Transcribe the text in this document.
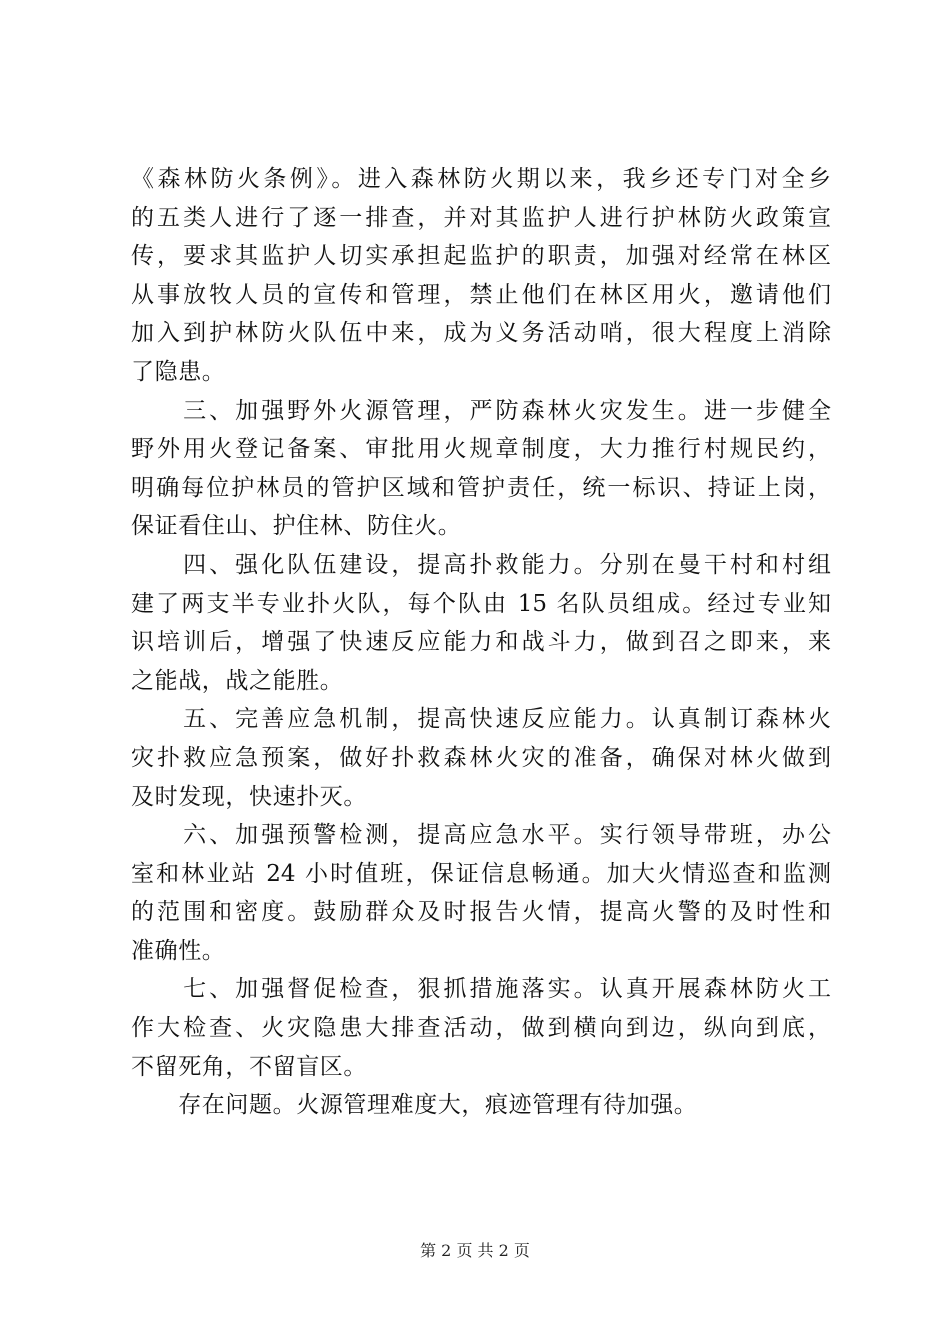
《森林防火条例》。进入森林防火期以来，我乡还专门对全乡
的五类人进行了逐一排查，并对其监护人进行护林防火政策宣
传，要求其监护人切实承担起监护的职责，加强对经常在林区
从事放牧人员的宣传和管理，禁止他们在林区用火，邀请他们
加入到护林防火队伍中来，成为义务活动哨，很大程度上消除
了隐患。
　　三、加强野外火源管理，严防森林火灾发生。进一步健全
野外用火登记备案、审批用火规章制度，大力推行村规民约，
明确每位护林员的管护区域和管护责任，统一标识、持证上岗，
保证看住山、护住林、防住火。
　　四、强化队伍建设，提高扑救能力。分别在曼干村和村组
建了两支半专业扑火队，每个队由 15 名队员组成。经过专业知
识培训后，增强了快速反应能力和战斗力，做到召之即来，来
之能战，战之能胜。
　　五、完善应急机制，提高快速反应能力。认真制订森林火
灾扑救应急预案，做好扑救森林火灾的准备，确保对林火做到
及时发现，快速扑灭。
　　六、加强预警检测，提高应急水平。实行领导带班，办公
室和林业站 24 小时值班，保证信息畅通。加大火情巡查和监测
的范围和密度。鼓励群众及时报告火情，提高火警的及时性和
准确性。
　　七、加强督促检查，狠抓措施落实。认真开展森林防火工
作大检查、火灾隐患大排查活动，做到横向到边，纵向到底，
不留死角，不留盲区。
　　存在问题。火源管理难度大，痕迹管理有待加强。
第 2 页 共 2 页
